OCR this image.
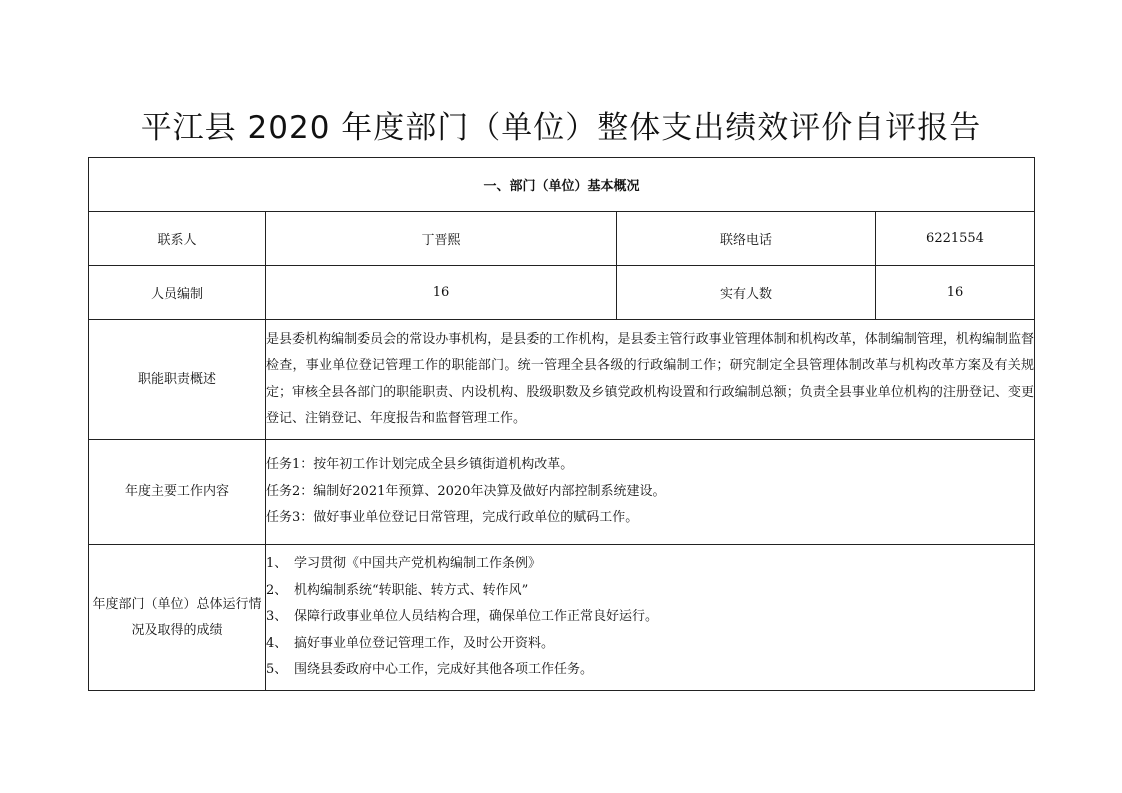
平江县 2020 年度部门（单位）整体支出绩效评价自评报告
一、部门（单位）基本概况			
联系人	丁晋熙	联络电话	6221554
人员编制	16	实有人数	16
职能职责概述	是县委机构编制委员会的常设办事机构，是县委的工作机构，是县委主管行政事业管理体制和机构改革，体制编制管理，机构编制监督检查，事业单位登记管理工作的职能部门。统一管理全县各级的行政编制工作；研究制定全县管理体制改革与机构改革方案及有关规定；审核全县各部门的职能职责、内设机构、股级职数及乡镇党政机构设置和行政编制总额；负责全县事业单位机构的注册登记、变更登记、注销登记、年度报告和监督管理工作。		
年度主要工作内容	任务1：按年初工作计划完成全县乡镇街道机构改革。
任务2：编制好2021年预算、2020年决算及做好内部控制系统建设。
任务3：做好事业单位登记日常管理，完成行政单位的赋码工作。		

年度部门（单位）总体运行情况及取得的成绩	1、 学习贯彻《中国共产党机构编制工作条例》
2、 机构编制系统“转职能、转方式、转作风”
3、 保障行政事业单位人员结构合理，确保单位工作正常良好运行。
4、 搞好事业单位登记管理工作，及时公开资料。
5、 围绕县委政府中心工作，完成好其他各项工作任务。		
